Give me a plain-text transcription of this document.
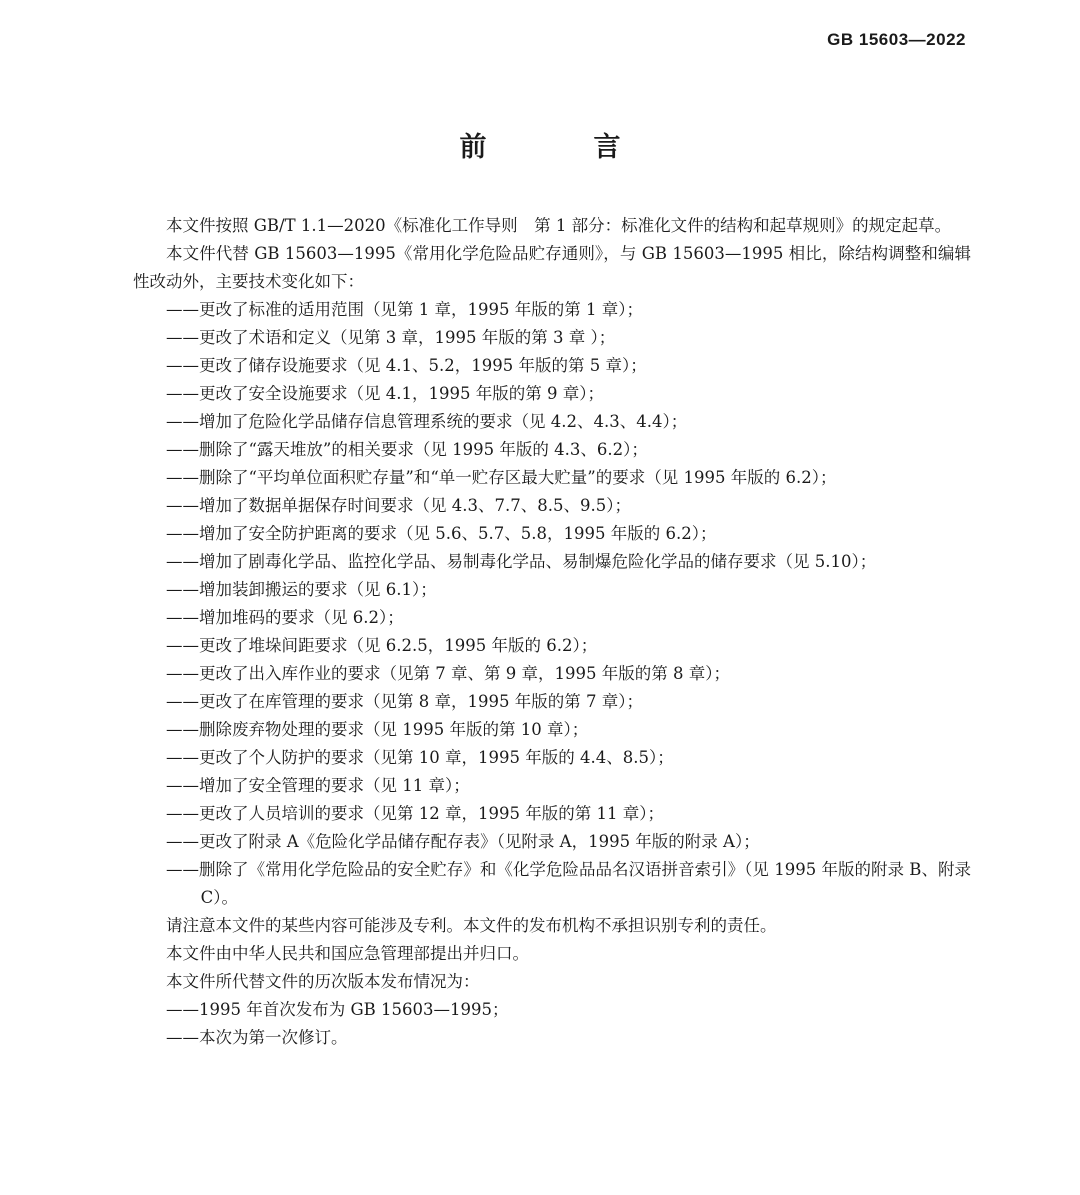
GB 15603—2022
前　言

本文件按照 GB/T 1.1—2020《标准化工作导则　第 1 部分：标准化文件的结构和起草规则》的规定起草。

本文件代替 GB 15603—1995《常用化学危险品贮存通则》，与 GB 15603—1995 相比，除结构调整和编辑性改动外，主要技术变化如下：

——更改了标准的适用范围（见第 1 章，1995 年版的第 1 章）；
——更改了术语和定义（见第 3 章，1995 年版的第 3 章 ）；
——更改了储存设施要求（见 4.1、5.2，1995 年版的第 5 章）；
——更改了安全设施要求（见 4.1，1995 年版的第 9 章）；
——增加了危险化学品储存信息管理系统的要求（见 4.2、4.3、4.4）；
——删除了“露天堆放”的相关要求（见 1995 年版的 4.3、6.2）；
——删除了“平均单位面积贮存量”和“单一贮存区最大贮量”的要求（见 1995 年版的 6.2）；
——增加了数据单据保存时间要求（见 4.3、7.7、8.5、9.5）；
——增加了安全防护距离的要求（见 5.6、5.7、5.8，1995 年版的 6.2）；
——增加了剧毒化学品、监控化学品、易制毒化学品、易制爆危险化学品的储存要求（见 5.10）；
——增加装卸搬运的要求（见 6.1）；
——增加堆码的要求（见 6.2）；
——更改了堆垛间距要求（见 6.2.5，1995 年版的 6.2）；
——更改了出入库作业的要求（见第 7 章、第 9 章，1995 年版的第 8 章）；
——更改了在库管理的要求（见第 8 章，1995 年版的第 7 章）；
——删除废弃物处理的要求（见 1995 年版的第 10 章）；
——更改了个人防护的要求（见第 10 章，1995 年版的 4.4、8.5）；
——增加了安全管理的要求（见 11 章）；
——更改了人员培训的要求（见第 12 章，1995 年版的第 11 章）；
——更改了附录 A《危险化学品储存配存表》（见附录 A，1995 年版的附录 A）；
——删除了《常用化学危险品的安全贮存》和《化学危险品品名汉语拼音索引》（见 1995 年版的附录 B、附录 C）。

请注意本文件的某些内容可能涉及专利。本文件的发布机构不承担识别专利的责任。

本文件由中华人民共和国应急管理部提出并归口。

本文件所代替文件的历次版本发布情况为：

——1995 年首次发布为 GB 15603—1995；
——本次为第一次修订。
